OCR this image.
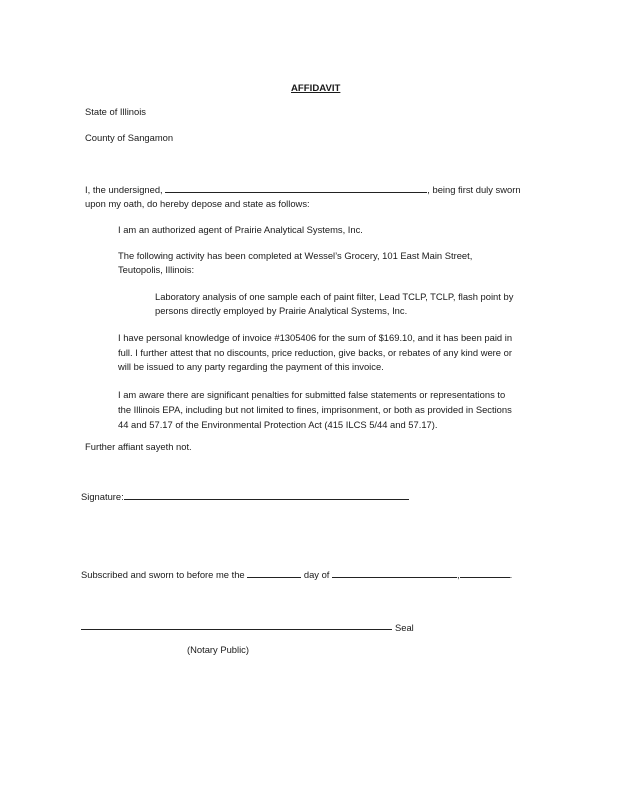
AFFIDAVIT
State of Illinois
County of Sangamon
I, the undersigned,	, being first duly sworn
upon my oath, do hereby depose and state as follows:
I am an authorized agent of Prairie Analytical Systems, Inc.
The following activity has been completed at Wessel’s Grocery, 101 East Main Street,
Teutopolis, Illinois:
Laboratory analysis of one sample each of paint filter, Lead TCLP, TCLP, flash point by
persons directly employed by Prairie Analytical Systems, Inc.
I have personal knowledge of invoice #1305406 for the sum of $169.10, and it has been paid in
full. I further attest that no discounts, price reduction, give backs, or rebates of any kind were or
will be issued to any party regarding the payment of this invoice.
I am aware there are significant penalties for submitted false statements or representations to
the Illinois EPA, including but not limited to fines, imprisonment, or both as provided in Sections
44 and 57.17 of the Environmental Protection Act (415 ILCS 5/44 and 57.17).
Further affiant sayeth not.
Signature:
Subscribed and sworn to before me the	day of	,	.
Seal
(Notary Public)
